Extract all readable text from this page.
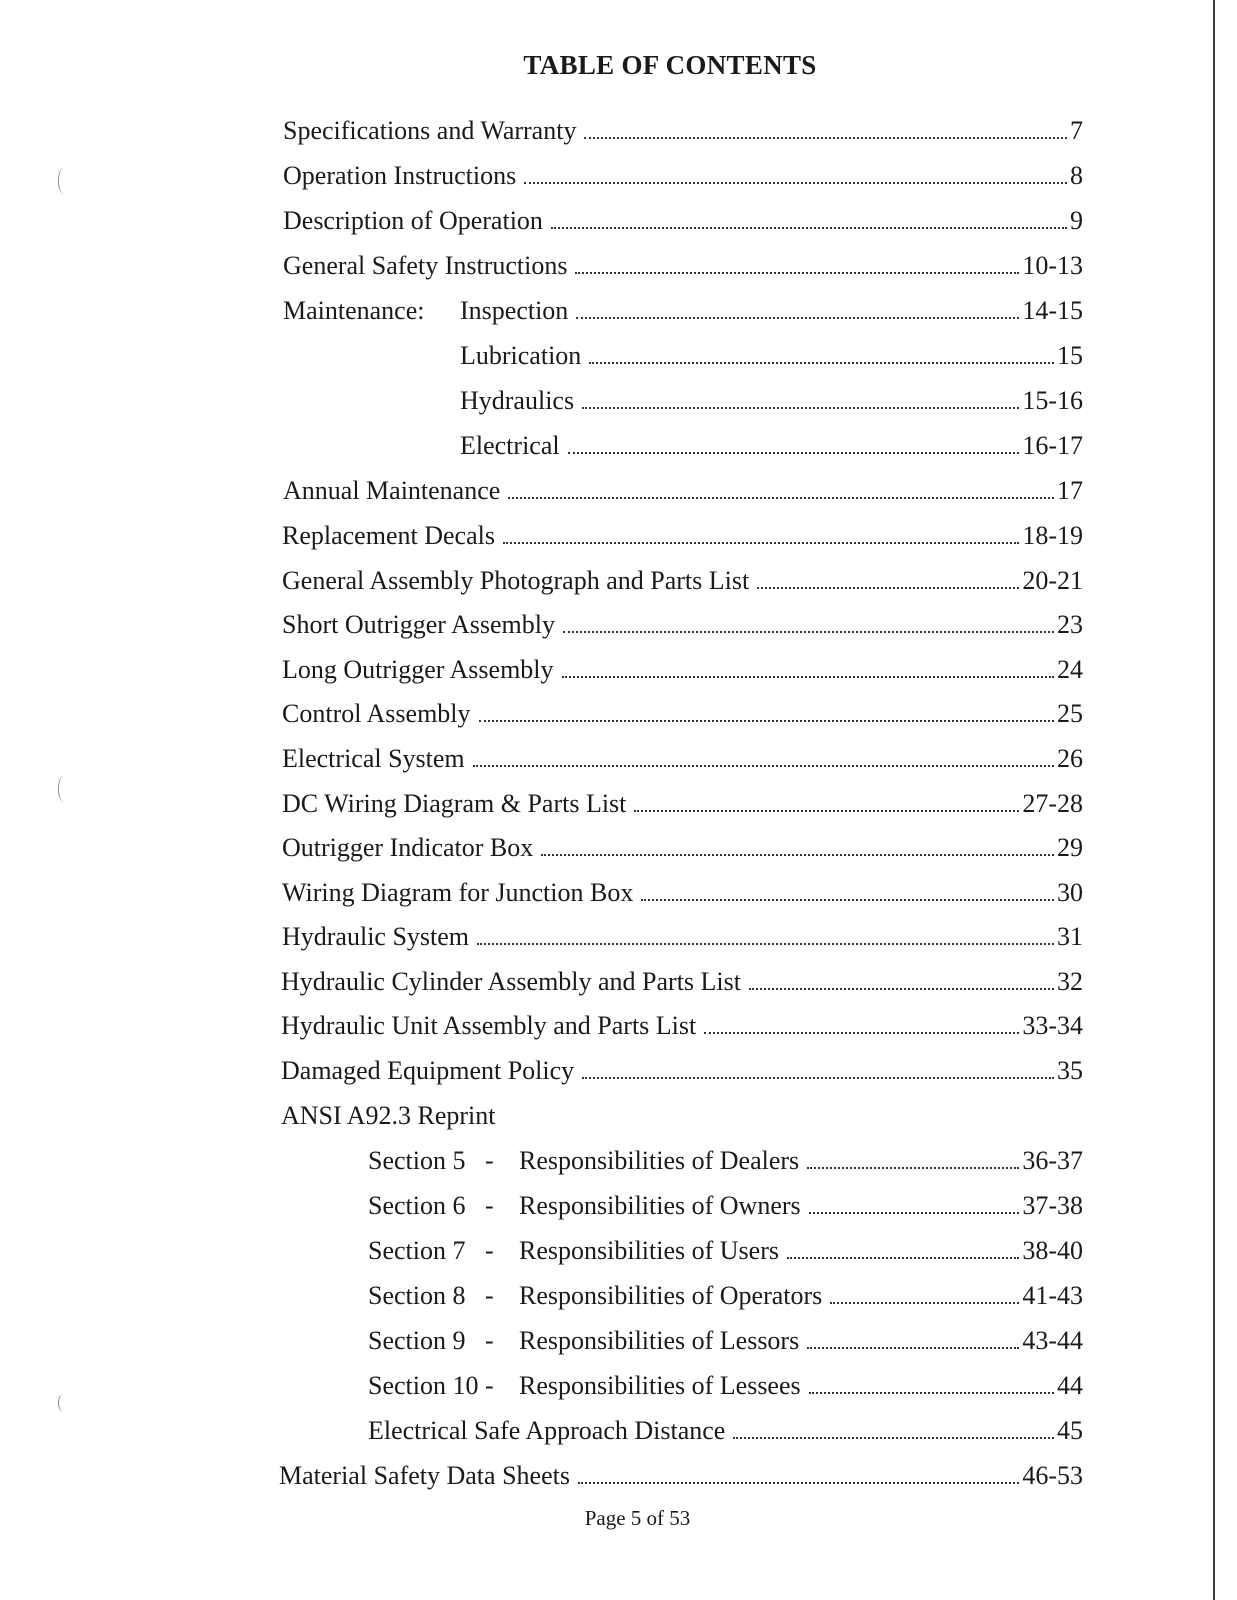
TABLE OF CONTENTS
Specifications and Warranty	7
Operation Instructions	8
Description of Operation	9
General Safety Instructions	10-13
Maintenance:	Inspection	14-15
Lubrication	15
Hydraulics	15-16
Electrical	16-17
Annual Maintenance	17
Replacement Decals	18-19
General Assembly Photograph and Parts List	20-21
Short Outrigger Assembly	23
Long Outrigger Assembly	24
Control Assembly	25
Electrical System	26
DC Wiring Diagram & Parts List	27-28
Outrigger Indicator Box	29
Wiring Diagram for Junction Box	30
Hydraulic System	31
Hydraulic Cylinder Assembly and Parts List	32
Hydraulic Unit Assembly and Parts List	33-34
Damaged Equipment Policy	35
ANSI A92.3 Reprint
Section 5   - Responsibilities of Dealers	36-37
Section 6   - Responsibilities of Owners	37-38
Section 7   - Responsibilities of Users	38-40
Section 8   - Responsibilities of Operators	41-43
Section 9   - Responsibilities of Lessors	43-44
Section 10 - Responsibilities of Lessees	44
Electrical Safe Approach Distance	45
Material Safety Data Sheets	46-53
Page 5 of 53
